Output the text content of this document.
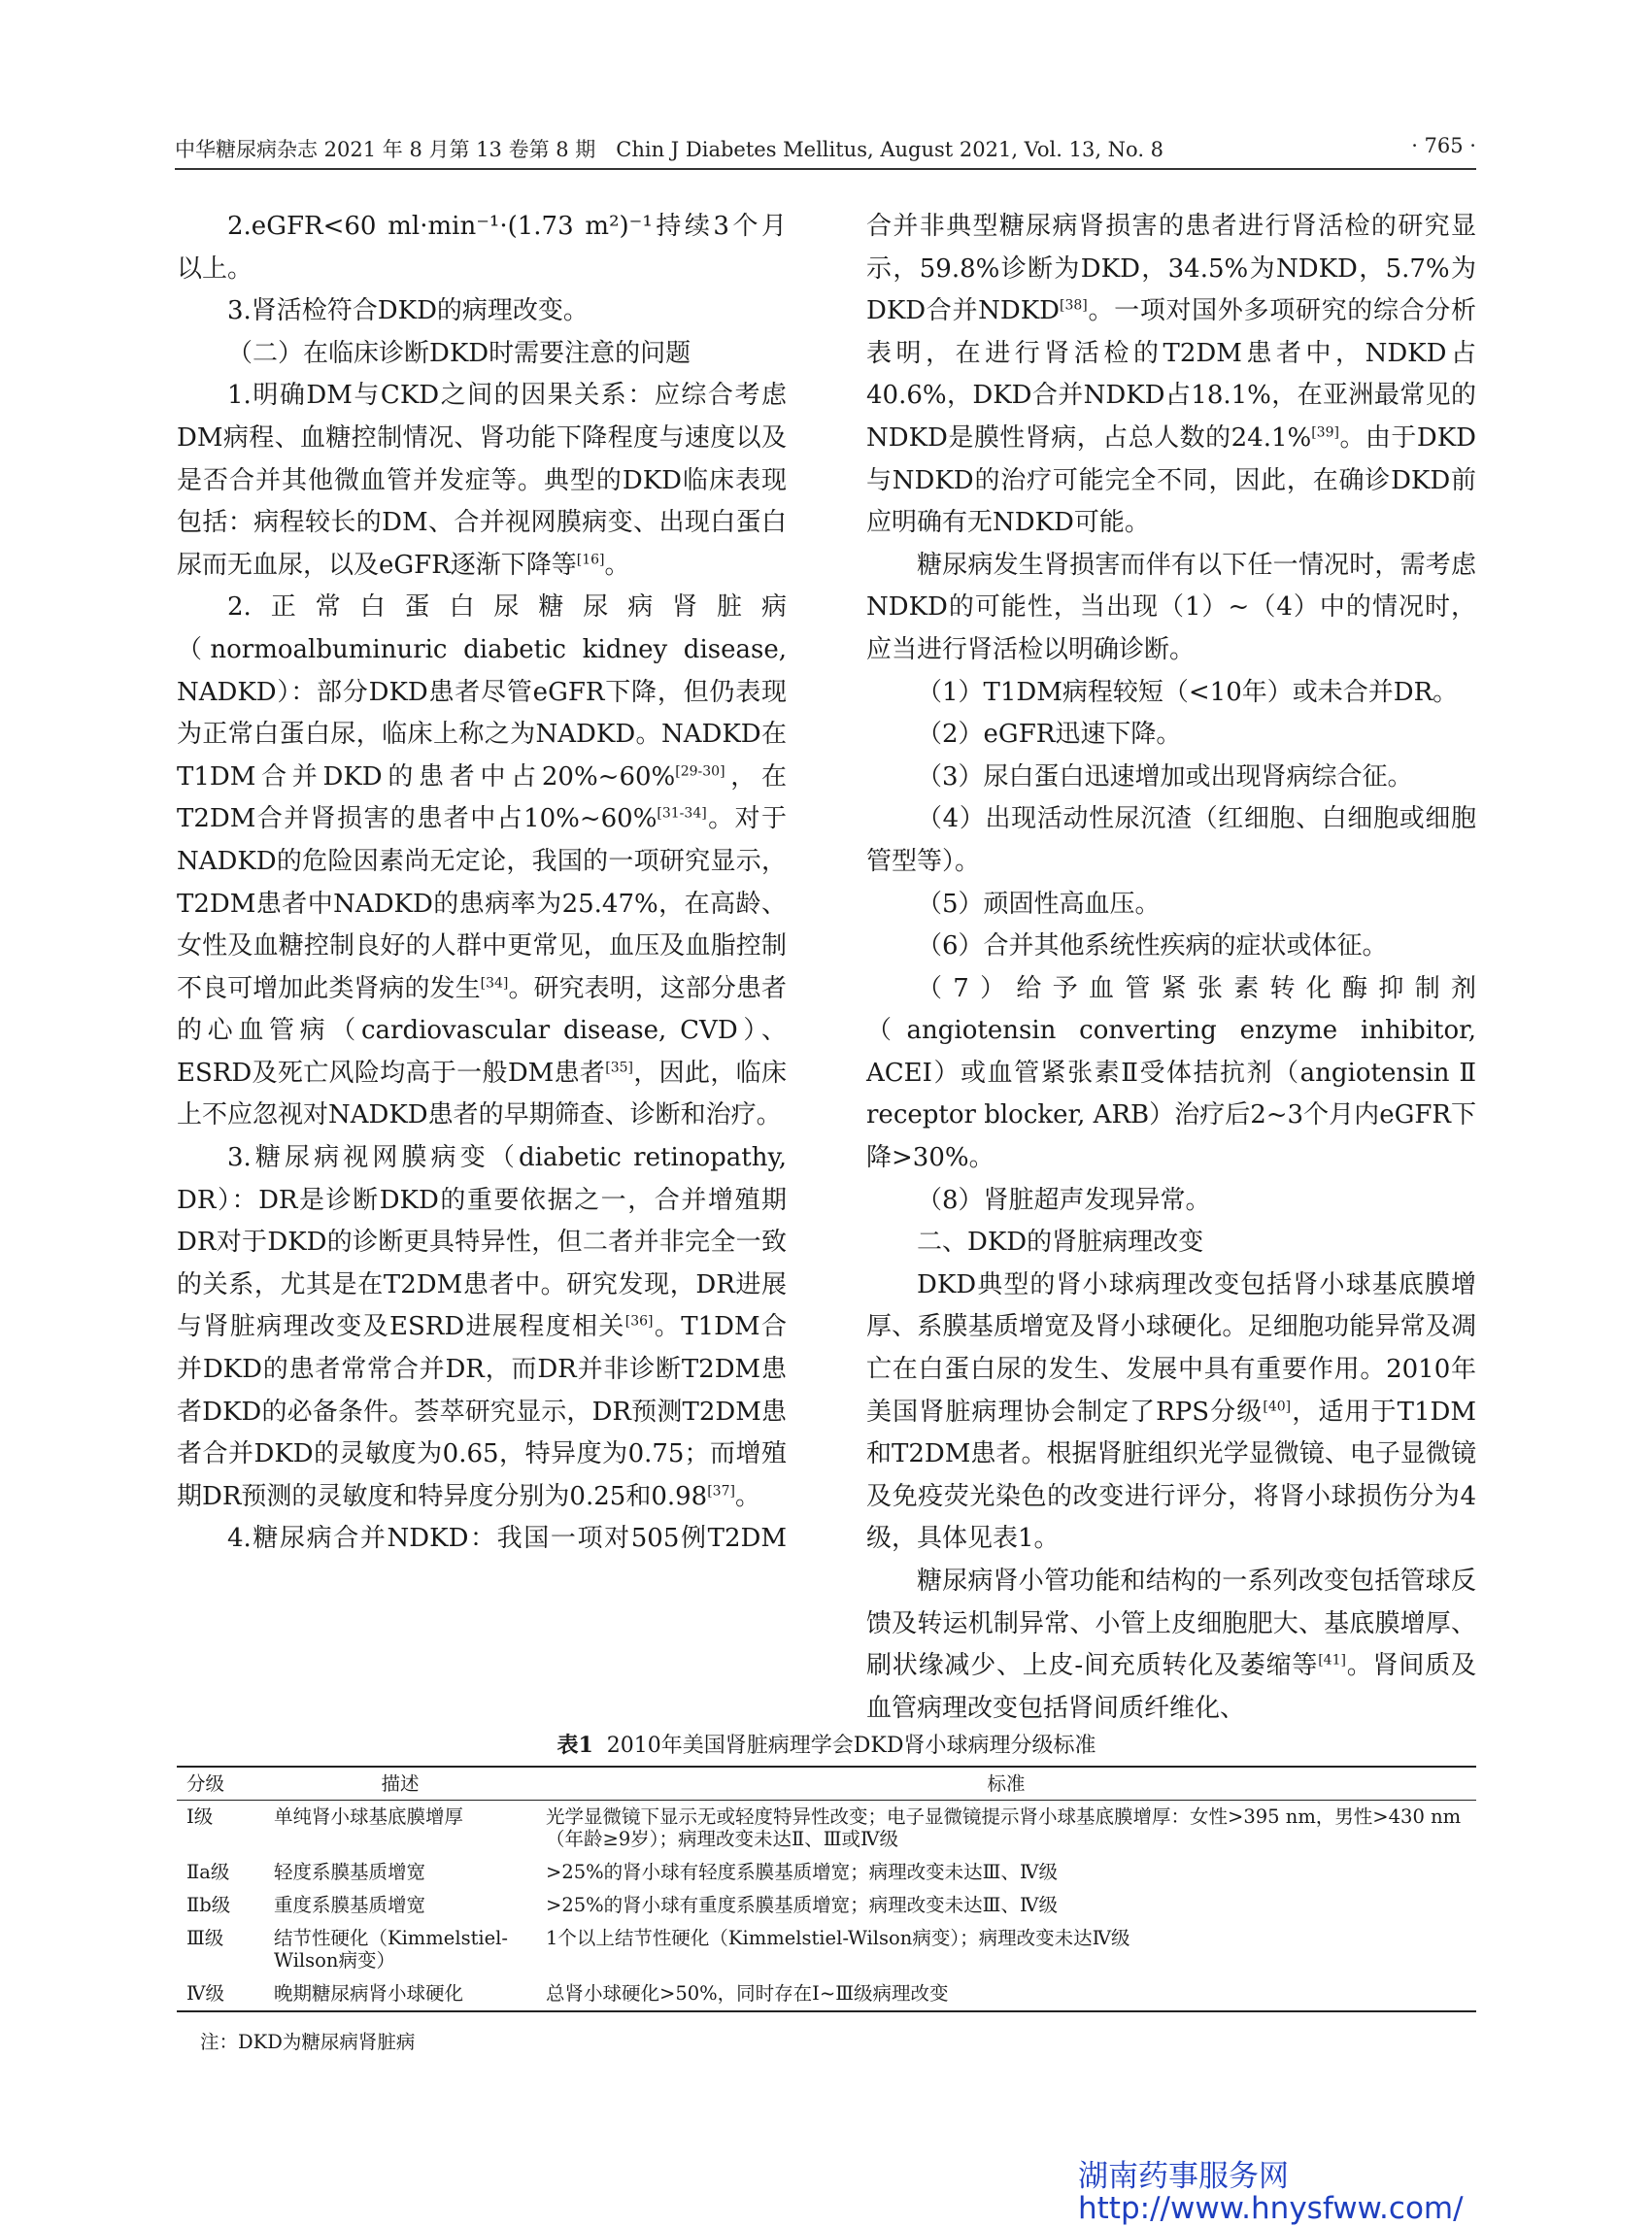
中华糖尿病杂志 2021 年 8 月第 13 卷第 8 期　Chin J Diabetes Mellitus, August 2021, Vol. 13, No. 8	· 765 ·

2.eGFR<60 ml·min⁻¹·(1.73 m²)⁻¹持续3个月以上。

3.肾活检符合DKD的病理改变。

（二）在临床诊断DKD时需要注意的问题

1.明确DM与CKD之间的因果关系：应综合考虑DM病程、血糖控制情况、肾功能下降程度与速度以及是否合并其他微血管并发症等。典型的DKD临床表现包括：病程较长的DM、合并视网膜病变、出现白蛋白尿而无血尿，以及eGFR逐渐下降等[16]。

2.正常白蛋白尿糖尿病肾脏病（normoalbuminuric diabetic kidney disease, NADKD）：部分DKD患者尽管eGFR下降，但仍表现为正常白蛋白尿，临床上称之为NADKD。NADKD在T1DM合并DKD的患者中占20%~60%[29-30]，在T2DM合并肾损害的患者中占10%~60%[31-34]。对于NADKD的危险因素尚无定论，我国的一项研究显示，T2DM患者中NADKD的患病率为25.47%，在高龄、女性及血糖控制良好的人群中更常见，血压及血脂控制不良可增加此类肾病的发生[34]。研究表明，这部分患者的心血管病（cardiovascular disease, CVD）、ESRD及死亡风险均高于一般DM患者[35]，因此，临床上不应忽视对NADKD患者的早期筛查、诊断和治疗。

3.糖尿病视网膜病变（diabetic retinopathy, DR）：DR是诊断DKD的重要依据之一，合并增殖期DR对于DKD的诊断更具特异性，但二者并非完全一致的关系，尤其是在T2DM患者中。研究发现，DR进展与肾脏病理改变及ESRD进展程度相关[36]。T1DM合并DKD的患者常常合并DR，而DR并非诊断T2DM患者DKD的必备条件。荟萃研究显示，DR预测T2DM患者合并DKD的灵敏度为0.65，特异度为0.75；而增殖期DR预测的灵敏度和特异度分别为0.25和0.98[37]。

4.糖尿病合并NDKD：我国一项对505例T2DM

合并非典型糖尿病肾损害的患者进行肾活检的研究显示，59.8%诊断为DKD，34.5%为NDKD，5.7%为DKD合并NDKD[38]。一项对国外多项研究的综合分析表明，在进行肾活检的T2DM患者中，NDKD占40.6%，DKD合并NDKD占18.1%，在亚洲最常见的NDKD是膜性肾病，占总人数的24.1%[39]。由于DKD与NDKD的治疗可能完全不同，因此，在确诊DKD前应明确有无NDKD可能。

糖尿病发生肾损害而伴有以下任一情况时，需考虑NDKD的可能性，当出现（1）~（4）中的情况时，应当进行肾活检以明确诊断。

（1）T1DM病程较短（<10年）或未合并DR。

（2）eGFR迅速下降。

（3）尿白蛋白迅速增加或出现肾病综合征。

（4）出现活动性尿沉渣（红细胞、白细胞或细胞管型等）。

（5）顽固性高血压。

（6）合并其他系统性疾病的症状或体征。

（7）给予血管紧张素转化酶抑制剂（angiotensin converting enzyme inhibitor, ACEI）或血管紧张素Ⅱ受体拮抗剂（angiotensin Ⅱ receptor blocker, ARB）治疗后2~3个月内eGFR下降>30%。

（8）肾脏超声发现异常。

二、DKD的肾脏病理改变

DKD典型的肾小球病理改变包括肾小球基底膜增厚、系膜基质增宽及肾小球硬化。足细胞功能异常及凋亡在白蛋白尿的发生、发展中具有重要作用。2010年美国肾脏病理协会制定了RPS分级[40]，适用于T1DM和T2DM患者。根据肾脏组织光学显微镜、电子显微镜及免疫荧光染色的改变进行评分，将肾小球损伤分为4级，具体见表1。

糖尿病肾小管功能和结构的一系列改变包括管球反馈及转运机制异常、小管上皮细胞肥大、基底膜增厚、刷状缘减少、上皮-间充质转化及萎缩等[41]。肾间质及血管病理改变包括肾间质纤维化、

表1 2010年美国肾脏病理学会DKD肾小球病理分级标准
分级	描述	标准
Ⅰ级	单纯肾小球基底膜增厚	光学显微镜下显示无或轻度特异性改变；电子显微镜提示肾小球基底膜增厚：女性>395 nm，男性>430 nm（年龄≥9岁）；病理改变未达Ⅱ、Ⅲ或Ⅳ级
Ⅱa级	轻度系膜基质增宽	>25%的肾小球有轻度系膜基质增宽；病理改变未达Ⅲ、Ⅳ级
Ⅱb级	重度系膜基质增宽	>25%的肾小球有重度系膜基质增宽；病理改变未达Ⅲ、Ⅳ级
Ⅲ级	结节性硬化（Kimmelstiel-Wilson病变）	1个以上结节性硬化（Kimmelstiel-Wilson病变）；病理改变未达Ⅳ级
Ⅳ级	晚期糖尿病肾小球硬化	总肾小球硬化>50%，同时存在Ⅰ~Ⅲ级病理改变
注：DKD为糖尿病肾脏病
湖南药事服务网
http://www.hnysfww.com/
